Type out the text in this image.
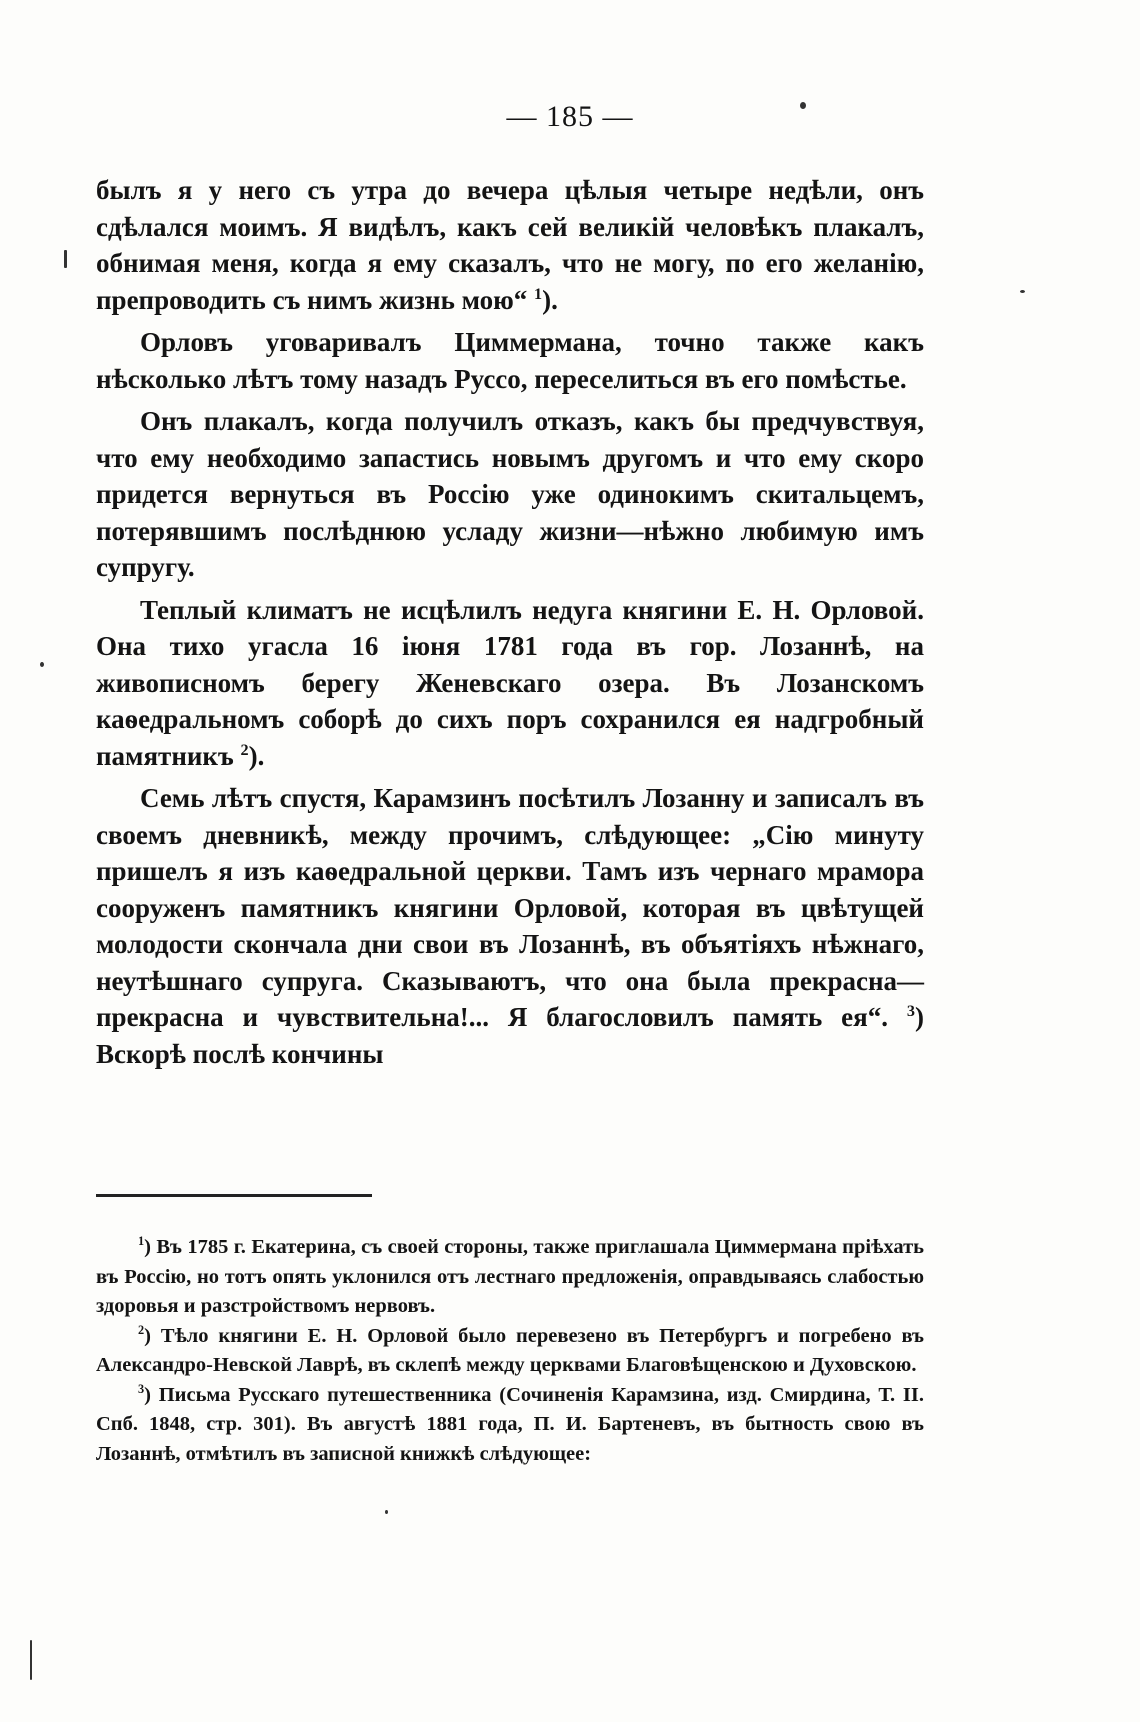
— 185 —

былъ я у него съ утра до вечера цѣлыя четыре недѣли, онъ сдѣлался моимъ. Я видѣлъ, какъ сей великій человѣкъ плакалъ, обнимая меня, когда я ему сказалъ, что не могу, по его желанію, препроводить съ нимъ жизнь мою“ $^1$).

Орловъ уговаривалъ Циммермана, точно также какъ нѣсколько лѣтъ тому назадъ Руссо, переселиться въ его помѣстье.

Онъ плакалъ, когда получилъ отказъ, какъ бы предчувствуя, что ему необходимо запастись новымъ другомъ и что ему скоро придется вернуться въ Россію уже одинокимъ скитальцемъ, потерявшимъ послѣднюю усладу жизни—нѣжно любимую имъ супругу.

Теплый климатъ не исцѣлилъ недуга княгини Е. Н. Орловой. Она тихо угасла 16 іюня 1781 года въ гор. Лозаннѣ, на живописномъ берегу Женевскаго озера. Въ Лозанскомъ каѳедральномъ соборѣ до сихъ поръ сохранился ея надгробный памятникъ $^2$).

Семь лѣтъ спустя, Карамзинъ посѣтилъ Лозанну и записалъ въ своемъ дневникѣ, между прочимъ, слѣдующее: „Сію минуту пришелъ я изъ каѳедральной церкви. Тамъ изъ чернаго мрамора сооруженъ памятникъ княгини Орловой, которая въ цвѣтущей молодости скончала дни свои въ Лозаннѣ, въ объятіяхъ нѣжнаго, неутѣшнаго супруга. Сказываютъ, что она была прекрасна—прекрасна и чувствительна!... Я благословилъ память ея“. $^3$) Вскорѣ послѣ кончины

$^1$) Въ 1785 г. Екатерина, съ своей стороны, также приглашала Циммермана пріѣхать въ Россію, но тотъ опять уклонился отъ лестнаго предложенія, оправдываясь слабостью здоровья и разстройствомъ нервовъ.

$^2$) Тѣло княгини Е. Н. Орловой было перевезено въ Петербургъ и погребено въ Александро-Невской Лаврѣ, въ склепѣ между церквами Благовѣщенскою и Духовскою.

$^3$) Письма Русскаго путешественника (Сочиненія Карамзина, изд. Смирдина, Т. II. Спб. 1848, стр. 301). Въ августѣ 1881 года, П. И. Бартеневъ, въ бытность свою въ Лозаннѣ, отмѣтилъ въ записной книжкѣ слѣдующее:
